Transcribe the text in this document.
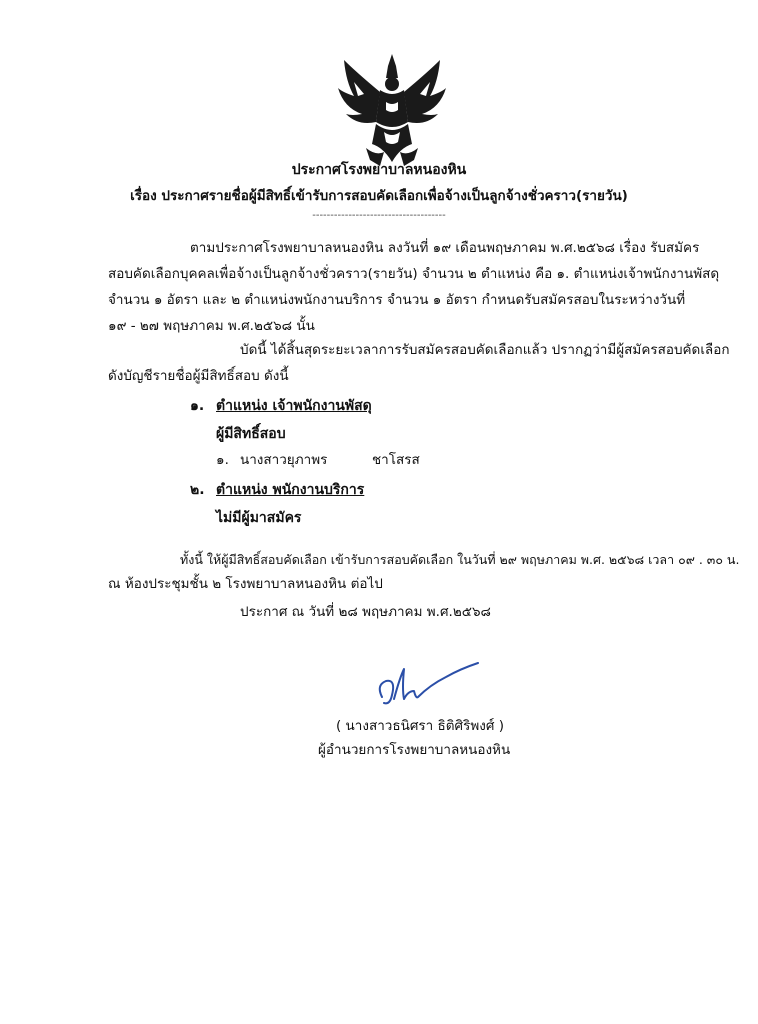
ประกาศโรงพยาบาลหนองหิน
เรื่อง ประกาศรายชื่อผู้มีสิทธิ์เข้ารับการสอบคัดเลือกเพื่อจ้างเป็นลูกจ้างชั่วคราว(รายวัน)
-------------------------------------
ตามประกาศโรงพยาบาลหนองหิน ลงวันที่ ๑๙ เดือนพฤษภาคม พ.ศ.๒๕๖๘ เรื่อง รับสมัคร
สอบคัดเลือกบุคคลเพื่อจ้างเป็นลูกจ้างชั่วคราว(รายวัน) จำนวน ๒ ตำแหน่ง คือ ๑. ตำแหน่งเจ้าพนักงานพัสดุ
จำนวน ๑ อัตรา และ ๒ ตำแหน่งพนักงานบริการ จำนวน ๑ อัตรา กำหนดรับสมัครสอบในระหว่างวันที่
๑๙ - ๒๗ พฤษภาคม พ.ศ.๒๕๖๘ นั้น
บัดนี้ ได้สิ้นสุดระยะเวลาการรับสมัครสอบคัดเลือกแล้ว ปรากฏว่ามีผู้สมัครสอบคัดเลือก
ดังบัญชีรายชื่อผู้มีสิทธิ์สอบ ดังนี้
๑. ตำแหน่ง เจ้าพนักงานพัสดุ
ผู้มีสิทธิ์สอบ
๑. นางสาวยุภาพร	ชาโสรส
๒. ตำแหน่ง พนักงานบริการ
ไม่มีผู้มาสมัคร
ทั้งนี้ ให้ผู้มีสิทธิ์สอบคัดเลือก เข้ารับการสอบคัดเลือก ในวันที่ ๒๙ พฤษภาคม พ.ศ. ๒๕๖๘ เวลา ๐๙ . ๓๐ น.
ณ ห้องประชุมชั้น ๒ โรงพยาบาลหนองหิน ต่อไป
ประกาศ ณ วันที่ ๒๘ พฤษภาคม พ.ศ.๒๕๖๘
( นางสาวธนิศรา ธิติศิริพงศ์ )
ผู้อำนวยการโรงพยาบาลหนองหิน
